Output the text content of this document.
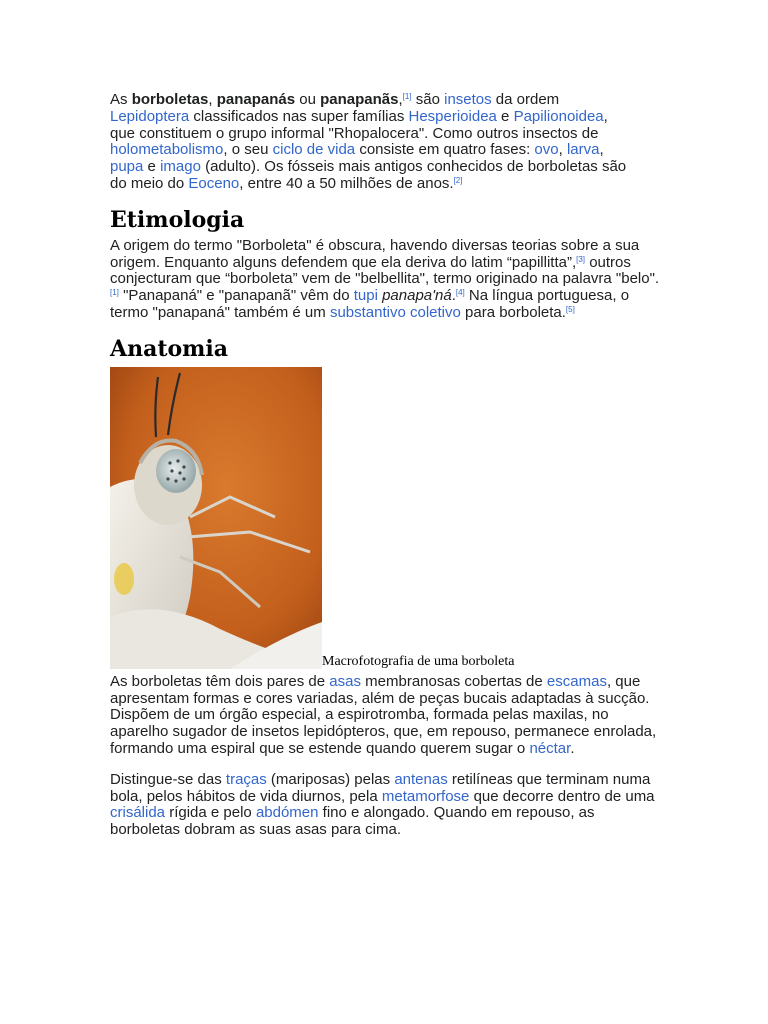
As borboletas, panapanás ou panapanãs,[1] são insetos da ordem Lepidoptera classificados nas super famílias Hesperioidea e Papilionoidea, que constituem o grupo informal "Rhopalocera". Como outros insectos de holometabolismo, o seu ciclo de vida consiste em quatro fases: ovo, larva, pupa e imago (adulto). Os fósseis mais antigos conhecidos de borboletas são do meio do Eoceno, entre 40 a 50 milhões de anos.[2]

Etimologia

A origem do termo "Borboleta" é obscura, havendo diversas teorias sobre a sua origem. Enquanto alguns defendem que ela deriva do latim “papillitta”,[3] outros conjecturam que “borboleta” vem de "belbellita", termo originado na palavra "belo".[1] "Panapaná" e "panapanã" vêm do tupi panapa'ná.[4] Na língua portuguesa, o termo "panapaná" também é um substantivo coletivo para borboleta.[5]

Anatomia
Macrofotografia de uma borboleta

As borboletas têm dois pares de asas membranosas cobertas de escamas, que apresentam formas e cores variadas, além de peças bucais adaptadas à sucção. Dispõem de um órgão especial, a espirotromba, formada pelas maxilas, no aparelho sugador de insetos lepidópteros, que, em repouso, permanece enrolada, formando uma espiral que se estende quando querem sugar o néctar.

Distingue-se das traças (mariposas) pelas antenas retilíneas que terminam numa bola, pelos hábitos de vida diurnos, pela metamorfose que decorre dentro de uma crisálida rígida e pelo abdómen fino e alongado. Quando em repouso, as borboletas dobram as suas asas para cima.
